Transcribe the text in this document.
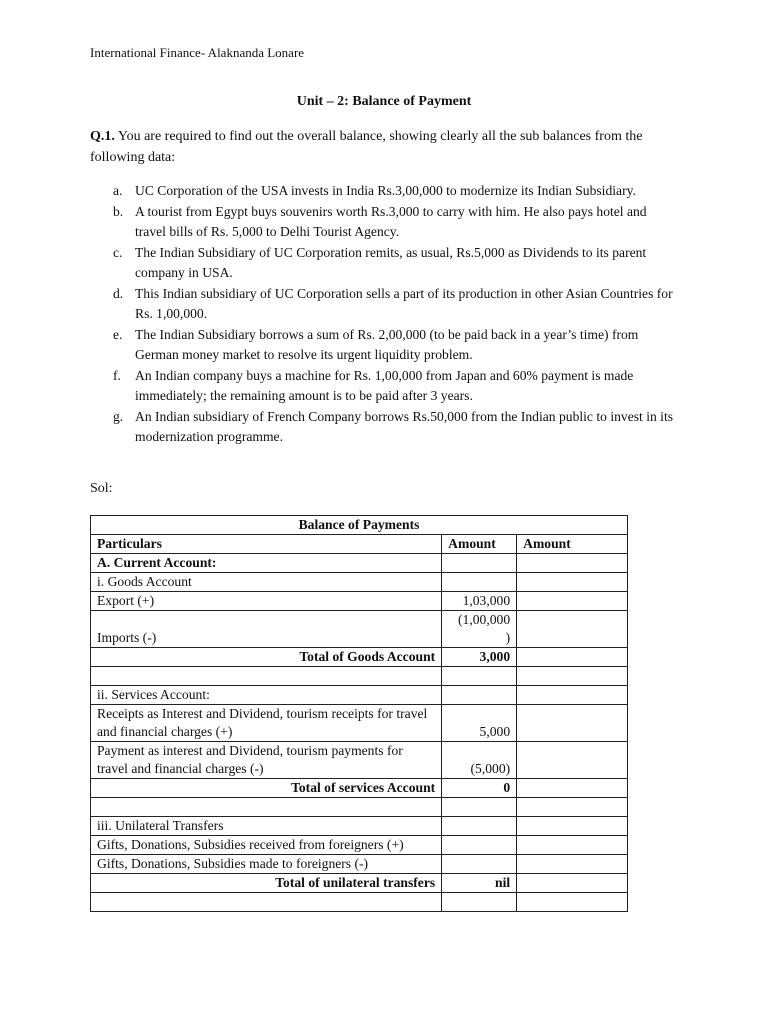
International Finance- Alaknanda Lonare
Unit – 2: Balance of Payment
Q.1. You are required to find out the overall balance, showing clearly all the sub balances from the following data:
a. UC Corporation of the USA invests in India Rs.3,00,000 to modernize its Indian Subsidiary.
b. A tourist from Egypt buys souvenirs worth Rs.3,000 to carry with him. He also pays hotel and travel bills of Rs. 5,000 to Delhi Tourist Agency.
c. The Indian Subsidiary of UC Corporation remits, as usual, Rs.5,000 as Dividends to its parent company in USA.
d. This Indian subsidiary of UC Corporation sells a part of its production in other Asian Countries for Rs. 1,00,000.
e. The Indian Subsidiary borrows a sum of Rs. 2,00,000 (to be paid back in a year’s time) from German money market to resolve its urgent liquidity problem.
f.	An Indian company buys a machine for Rs. 1,00,000 from Japan and 60% payment is made immediately; the remaining amount is to be paid after 3 years.
g. An Indian subsidiary of French Company borrows Rs.50,000 from the Indian public to invest in its modernization programme.
Sol:
Balance of Payments		
Particulars	Amount	Amount
A. Current Account:		
i. Goods Account		
Export (+)	1,03,000	
Imports (-)	(1,00,000
)	

Total of Goods Account	3,000	

ii. Services Account:		
Receipts as Interest and Dividend, tourism receipts for travel and financial charges (+)	5,000	
Payment as interest and Dividend, tourism payments for travel and financial charges (-)	(5,000)	
Total of services Account	0	

iii. Unilateral Transfers		
Gifts, Donations, Subsidies received from foreigners (+)		
Gifts, Donations, Subsidies made to foreigners (-)		
Total of unilateral transfers	nil	
